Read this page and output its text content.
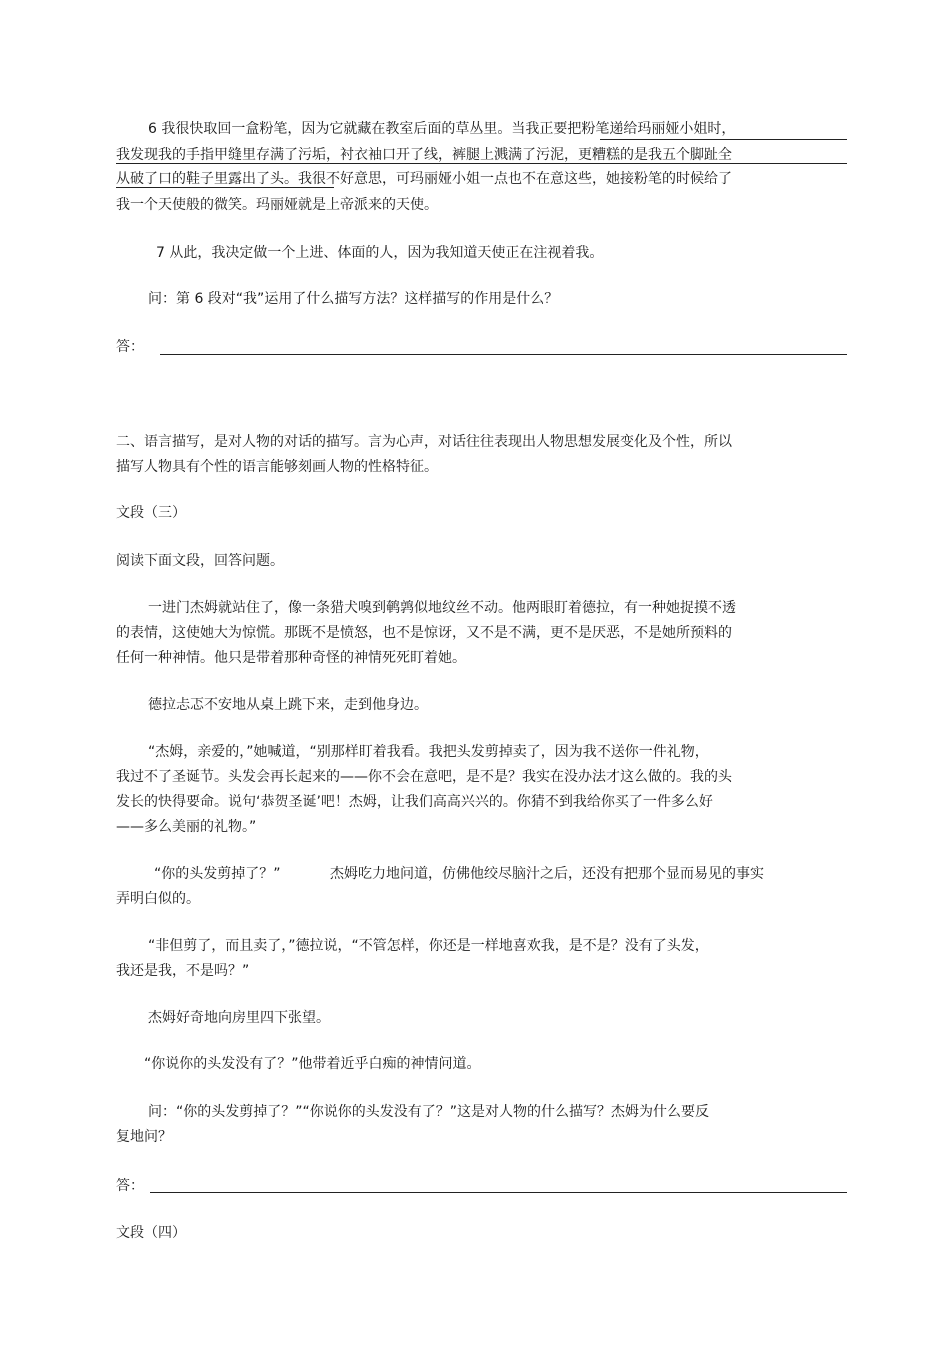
6 我很快取回一盒粉笔，因为它就藏在教室后面的草丛里。当我正要把粉笔递给玛丽娅小姐时，
我发现我的手指甲缝里存满了污垢，衬衣袖口开了线，裤腿上溅满了污泥，更糟糕的是我五个脚趾全
从破了口的鞋子里露出了头。我很不好意思，可玛丽娅小姐一点也不在意这些，她接粉笔的时候给了
我一个天使般的微笑。玛丽娅就是上帝派来的天使。
7 从此，我决定做一个上进、体面的人，因为我知道天使正在注视着我。
问：第 6 段对“我”运用了什么描写方法？这样描写的作用是什么？
答：
二、语言描写，是对人物的对话的描写。言为心声，对话往往表现出人物思想发展变化及个性，所以
描写人物具有个性的语言能够刻画人物的性格特征。
文段（三）
阅读下面文段，回答问题。
一进门杰姆就站住了，像一条猎犬嗅到鹌鹑似地纹丝不动。他两眼盯着德拉，有一种她捉摸不透
的表情，这使她大为惊慌。那既不是愤怒，也不是惊讶，又不是不满，更不是厌恶，不是她所预料的
任何一种神情。他只是带着那种奇怪的神情死死盯着她。
德拉忐忑不安地从桌上跳下来，走到他身边。
“杰姆，亲爱的，”她喊道，“别那样盯着我看。我把头发剪掉卖了，因为我不送你一件礼物，
我过不了圣诞节。头发会再长起来的——你不会在意吧，是不是？我实在没办法才这么做的。我的头
发长的快得要命。说句‘恭贺圣诞’吧！杰姆，让我们高高兴兴的。你猜不到我给你买了一件多么好
——多么美丽的礼物。”
“你的头发剪掉了？”	杰姆吃力地问道，仿佛他绞尽脑汁之后，还没有把那个显而易见的事实
弄明白似的。
“非但剪了，而且卖了，”德拉说，“不管怎样，你还是一样地喜欢我，是不是？没有了头发，
我还是我，不是吗？”
杰姆好奇地向房里四下张望。
“你说你的头发没有了？”他带着近乎白痴的神情问道。
问：“你的头发剪掉了？”“你说你的头发没有了？”这是对人物的什么描写？杰姆为什么要反
复地问？
答：
文段（四）
